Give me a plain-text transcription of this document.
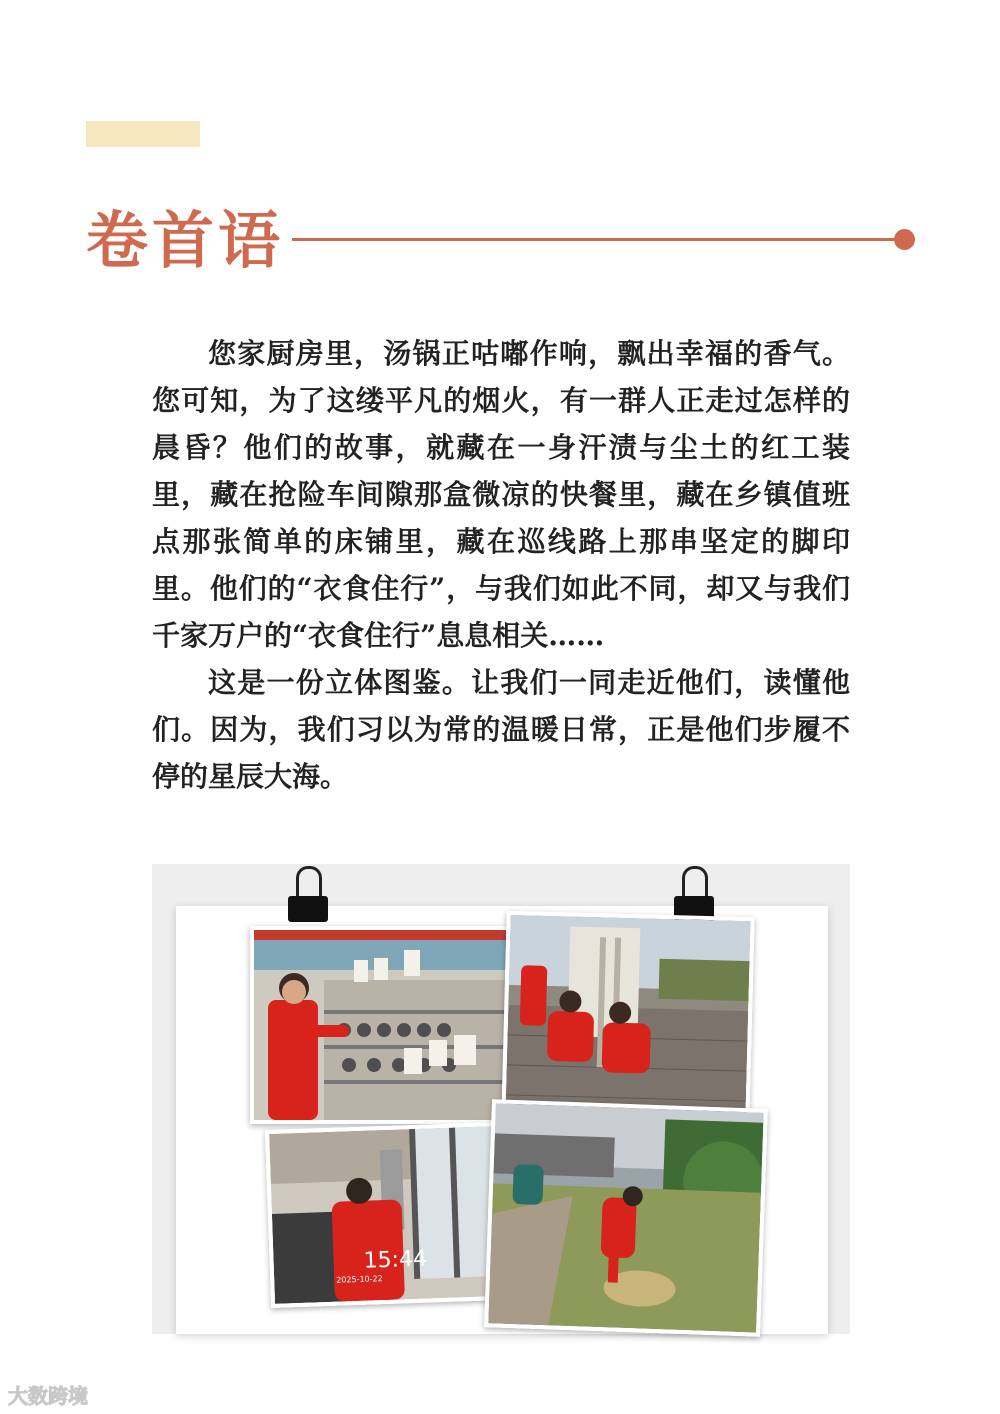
卷首语

您家厨房里，汤锅正咕嘟作响，飘出幸福的香气。您可知，为了这缕平凡的烟火，有一群人正走过怎样的晨昏？他们的故事，就藏在一身汗渍与尘土的红工装里，藏在抢险车间隙那盒微凉的快餐里，藏在乡镇值班点那张简单的床铺里，藏在巡线路上那串坚定的脚印里。他们的“衣食住行”，与我们如此不同，却又与我们千家万户的“衣食住行”息息相关……

这是一份立体图鉴。让我们一同走近他们，读懂他们。因为，我们习以为常的温暖日常，正是他们步履不停的星辰大海。

15:44
2025-10-22
大数跨境
